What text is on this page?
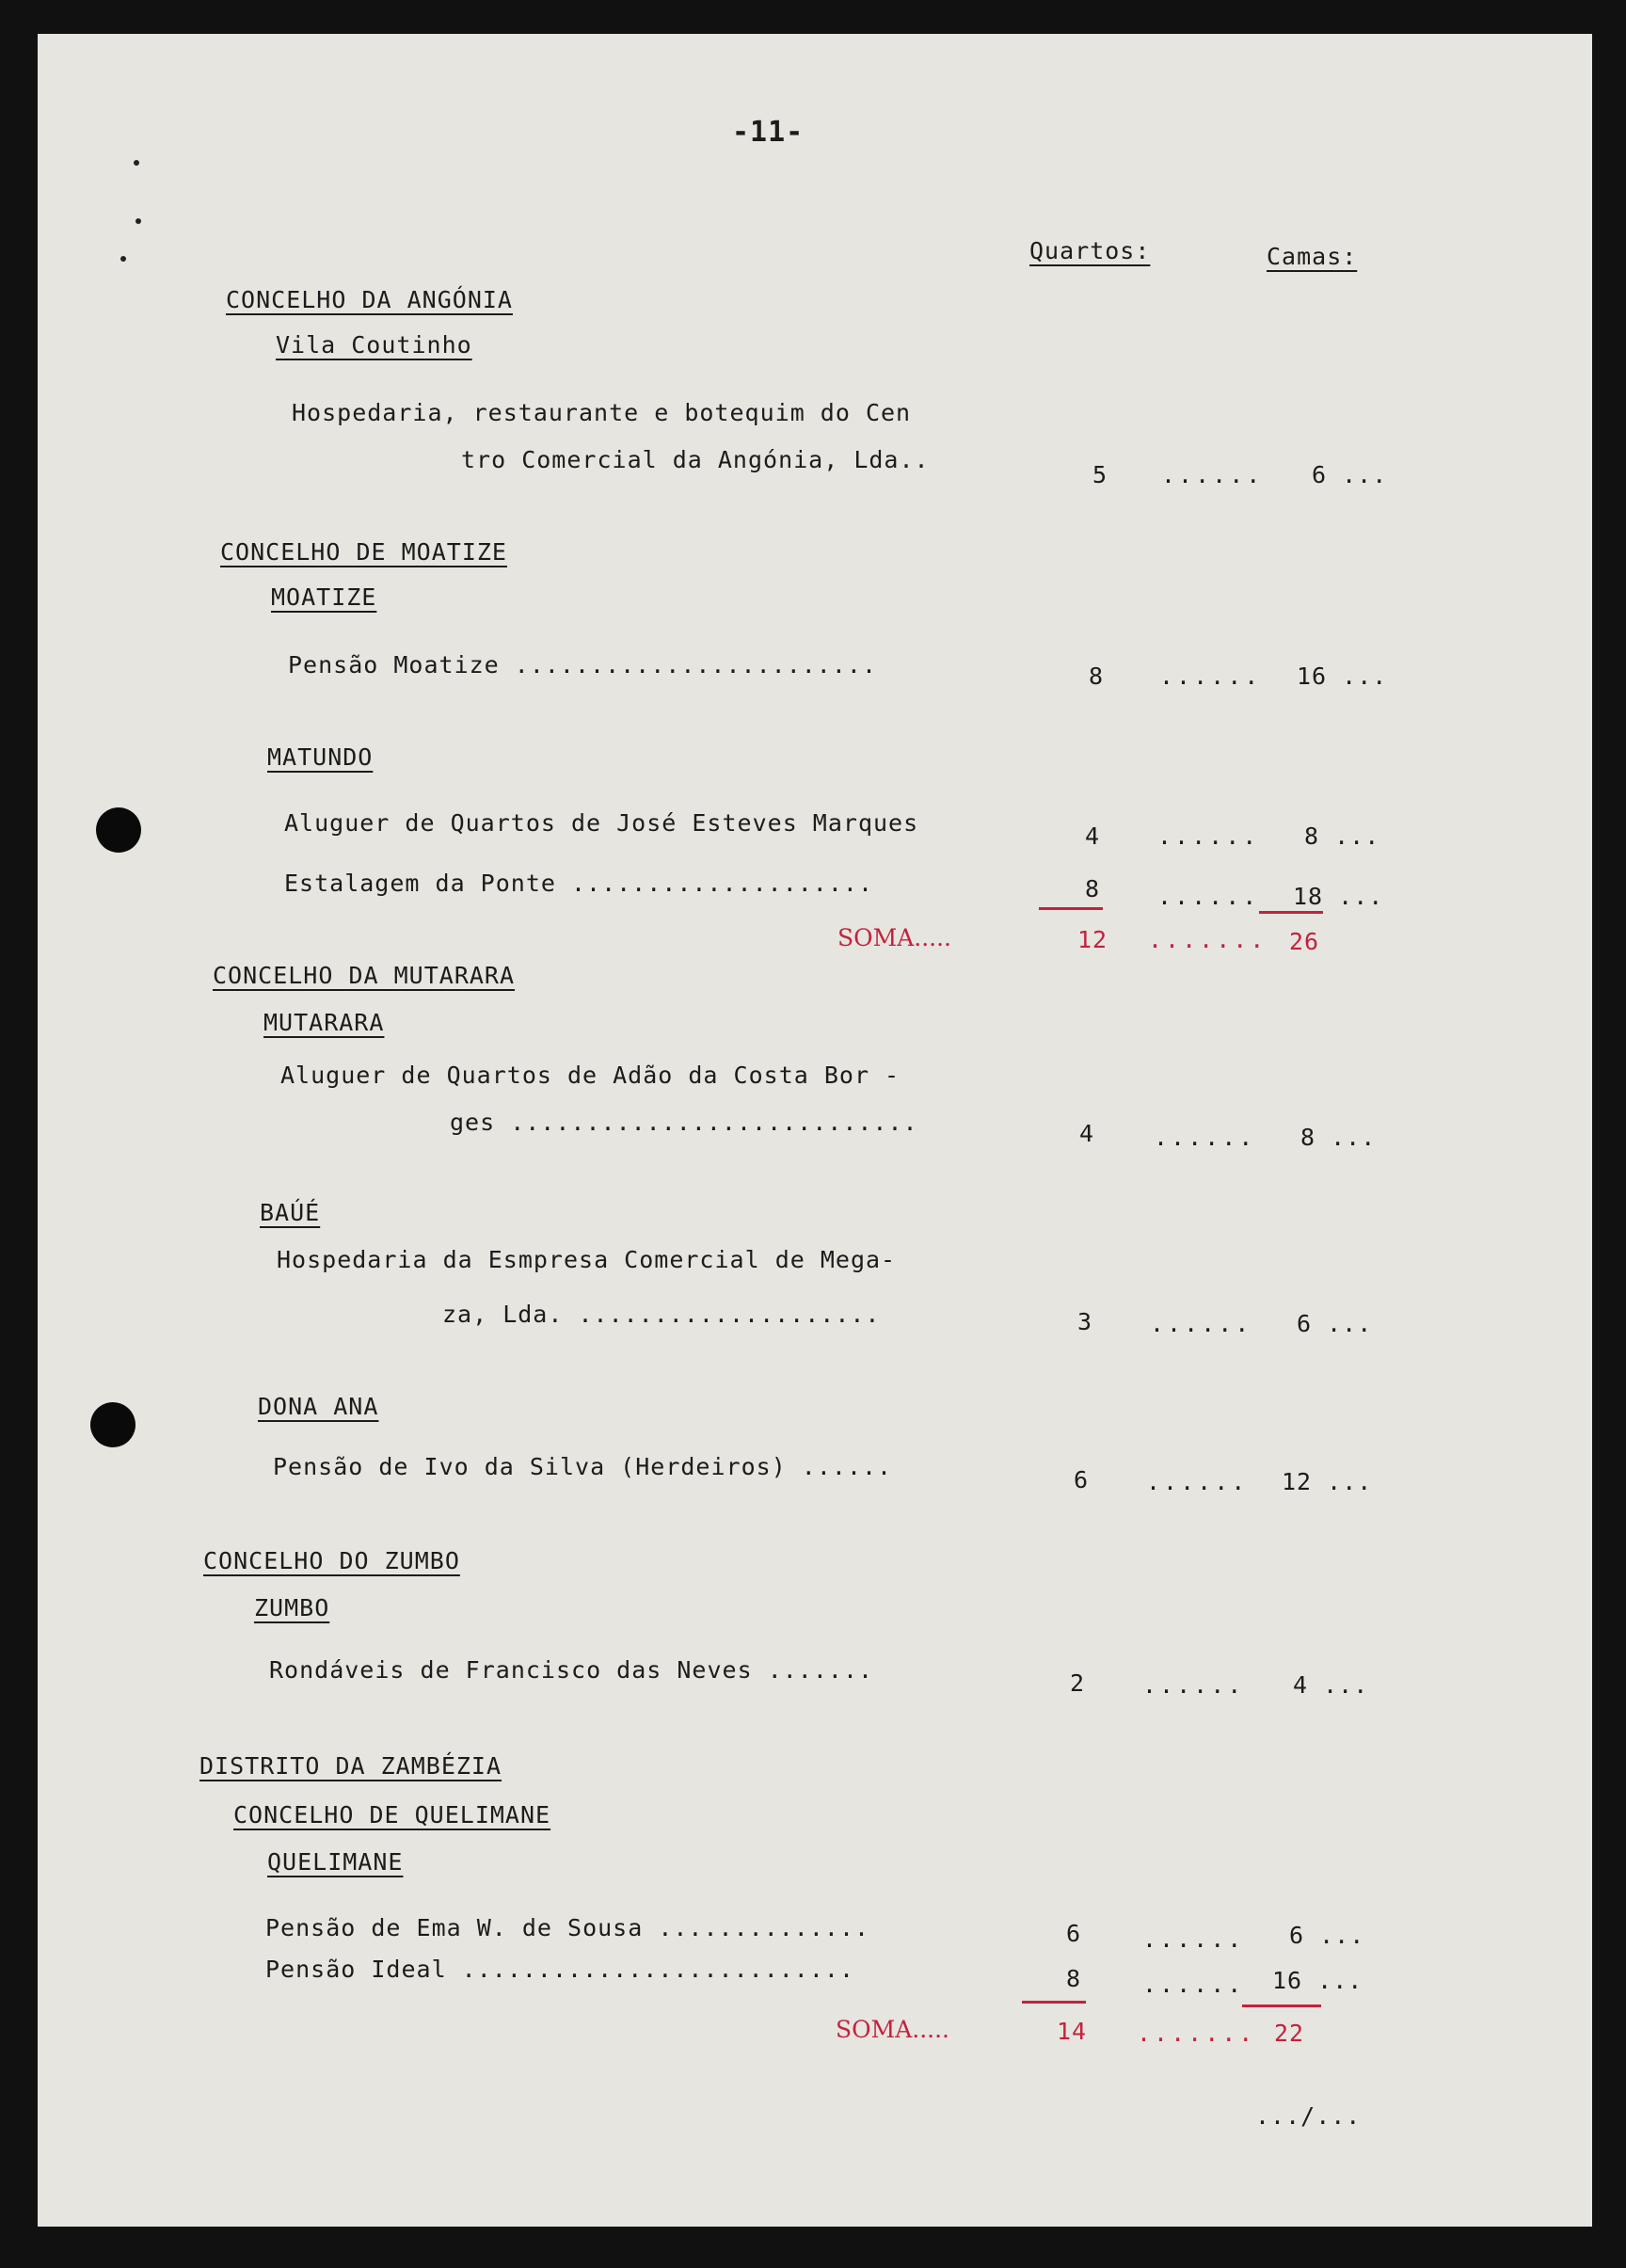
-11-
Quartos:	Camas:
CONCELHO DA ANGÓNIA
Vila Coutinho
Hospedaria, restaurante e botequim do Cen
tro Comercial da Angónia, Lda..
5	...... 6 ...
CONCELHO DE MOATIZE
MOATIZE
Pensão Moatize ........................	8	...... 16 ...
MATUNDO
Aluguer de Quartos de José Esteves Marques	4	...... 8 ...
Estalagem da Ponte ....................	8	...... 18 ...
SOMA.....	12	....... 26
CONCELHO DA MUTARARA
MUTARARA
Aluguer de Quartos de Adão da Costa Bor -
ges ...........................	4	...... 8 ...
BAÚÉ
Hospedaria da Esmpresa Comercial de Mega-
za, Lda. ....................	3	...... 6 ...
DONA ANA
Pensão de Ivo da Silva (Herdeiros) ......	6	...... 12 ...
CONCELHO DO ZUMBO
ZUMBO
Rondáveis de Francisco das Neves .......	2	...... 4 ...
DISTRITO DA ZAMBÉZIA
CONCELHO DE QUELIMANE
QUELIMANE
Pensão de Ema W. de Sousa ..............	6	...... 6 ...
Pensão Ideal ..........................	8	...... 16 ...
SOMA.....	14	....... 22
.../...
